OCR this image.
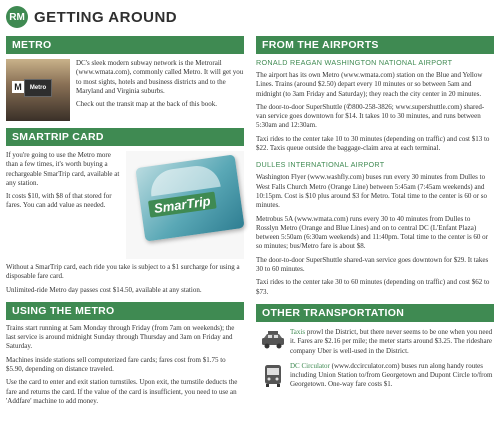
RM GETTING AROUND
METRO
M	Metro

DC's sleek modern subway network is the Metrorail (www.wmata.com), commonly called Metro. It will get you to most sights, hotels and business districts and to the Maryland and Virginia suburbs.

Check out the transit map at the back of this book.

SMARTRIP CARD

If you're going to use the Metro more than a few times, it's worth buying a rechargeable SmarTrip card, available at any station.

It costs $10, with $8 of that stored for fares. You can add value as needed.	SmarTrip

Without a SmarTrip card, each ride you take is subject to a $1 surcharge for using a disposable fare card.

Unlimited-ride Metro day passes cost $14.50, available at any station.

USING THE METRO

Trains start running at 5am Monday through Friday (from 7am on weekends); the last service is around midnight Sunday through Thursday and 3am on Friday and Saturday.

Machines inside stations sell computerized fare cards; fares cost from $1.75 to $5.90, depending on distance traveled.

Use the card to enter and exit station turnstiles. Upon exit, the turnstile deducts the fare and returns the card. If the value of the card is insufficient, you need to use an 'Addfare' machine to add money.

FROM THE AIRPORTS
RONALD REAGAN WASHINGTON NATIONAL AIRPORT

The airport has its own Metro (www.wmata.com) station on the Blue and Yellow Lines. Trains (around $2.50) depart every 10 minutes or so between 5am and midnight (to 3am Friday and Saturday); they reach the city center in 20 minutes.

The door-to-door SuperShuttle (✆800-258-3826; www.supershuttle.com) shared-van service goes downtown for $14. It takes 10 to 30 minutes, and runs between 5:30am and 12:30am.

Taxi rides to the center take 10 to 30 minutes (depending on traffic) and cost $13 to $22. Taxis queue outside the baggage-claim area at each terminal.

DULLES INTERNATIONAL AIRPORT

Washington Flyer (www.washfly.com) buses run every 30 minutes from Dulles to West Falls Church Metro (Orange Line) between 5:45am (7:45am weekends) and 10:15pm. Cost is $10 plus around $3 for Metro. Total time to the center is 60 or so minutes.

Metrobus 5A (www.wmata.com) runs every 30 to 40 minutes from Dulles to Rosslyn Metro (Orange and Blue Lines) and on to central DC (L'Enfant Plaza) between 5:50am (6:30am weekends) and 11:40pm. Total time to the center is 60 or so minutes; bus/Metro fare is about $8.

The door-to-door SuperShuttle shared-van service goes downtown for $29. It takes 30 to 60 minutes.

Taxi rides to the center take 30 to 60 minutes (depending on traffic) and cost $62 to $73.

OTHER TRANSPORTATION

Taxis prowl the District, but there never seems to be one when you need it. Fares are $2.16 per mile; the meter starts around $3.25. The rideshare company Uber is well-used in the District.

DC Circulator (www.dccirculator.com) buses run along handy routes including Union Station to/from Georgetown and Dupont Circle to/from Georgetown. One-way fare costs $1.
